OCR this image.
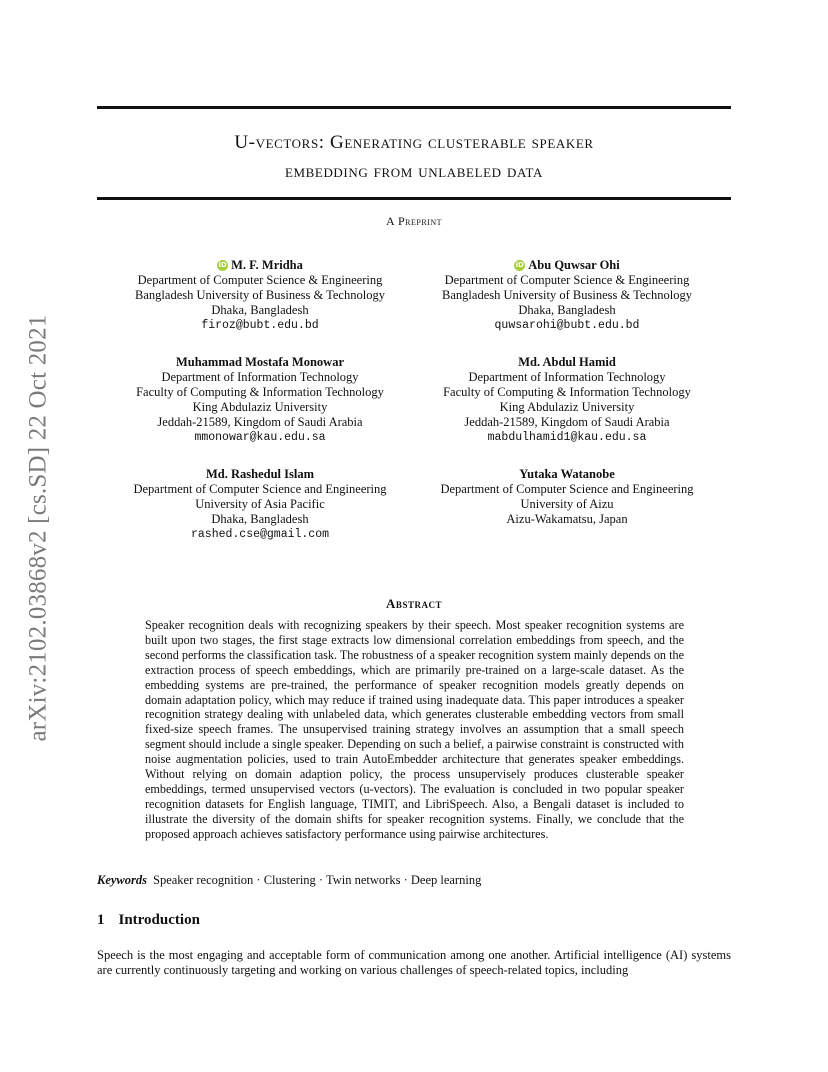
arXiv:2102.03868v2 [cs.SD] 22 Oct 2021
U-vectors: Generating clusterable speaker
embedding from unlabeled data
A Preprint
iD M. F. Mridha
Department of Computer Science & Engineering
Bangladesh University of Business & Technology
Dhaka, Bangladesh
firoz@bubt.edu.bd
iD Abu Quwsar Ohi
Department of Computer Science & Engineering
Bangladesh University of Business & Technology
Dhaka, Bangladesh
quwsarohi@bubt.edu.bd
Muhammad Mostafa Monowar
Department of Information Technology
Faculty of Computing & Information Technology
King Abdulaziz University
Jeddah-21589, Kingdom of Saudi Arabia
mmonowar@kau.edu.sa
Md. Abdul Hamid
Department of Information Technology
Faculty of Computing & Information Technology
King Abdulaziz University
Jeddah-21589, Kingdom of Saudi Arabia
mabdulhamid1@kau.edu.sa
Md. Rashedul Islam
Department of Computer Science and Engineering
University of Asia Pacific
Dhaka, Bangladesh
rashed.cse@gmail.com
Yutaka Watanobe
Department of Computer Science and Engineering
University of Aizu
Aizu-Wakamatsu, Japan
Abstract
Speaker recognition deals with recognizing speakers by their speech. Most speaker recognition systems are built upon two stages, the first stage extracts low dimensional correlation embeddings from speech, and the second performs the classification task. The robustness of a speaker recognition system mainly depends on the extraction process of speech embeddings, which are primarily pre-trained on a large-scale dataset. As the embedding systems are pre-trained, the performance of speaker recognition models greatly depends on domain adaptation policy, which may reduce if trained using inadequate data. This paper introduces a speaker recognition strategy dealing with unlabeled data, which generates clusterable embedding vectors from small fixed-size speech frames. The unsupervised training strategy involves an assumption that a small speech segment should include a single speaker. Depending on such a belief, a pairwise constraint is constructed with noise augmentation policies, used to train AutoEmbedder architecture that generates speaker embeddings. Without relying on domain adaption policy, the process unsupervisely produces clusterable speaker embeddings, termed unsupervised vectors (u-vectors). The evaluation is concluded in two popular speaker recognition datasets for English language, TIMIT, and LibriSpeech. Also, a Bengali dataset is included to illustrate the diversity of the domain shifts for speaker recognition systems. Finally, we conclude that the proposed approach achieves satisfactory performance using pairwise architectures.
Keywords Speaker recognition · Clustering · Twin networks · Deep learning
1 Introduction
Speech is the most engaging and acceptable form of communication among one another. Artificial intelligence (AI) systems are currently continuously targeting and working on various challenges of speech-related topics, including
